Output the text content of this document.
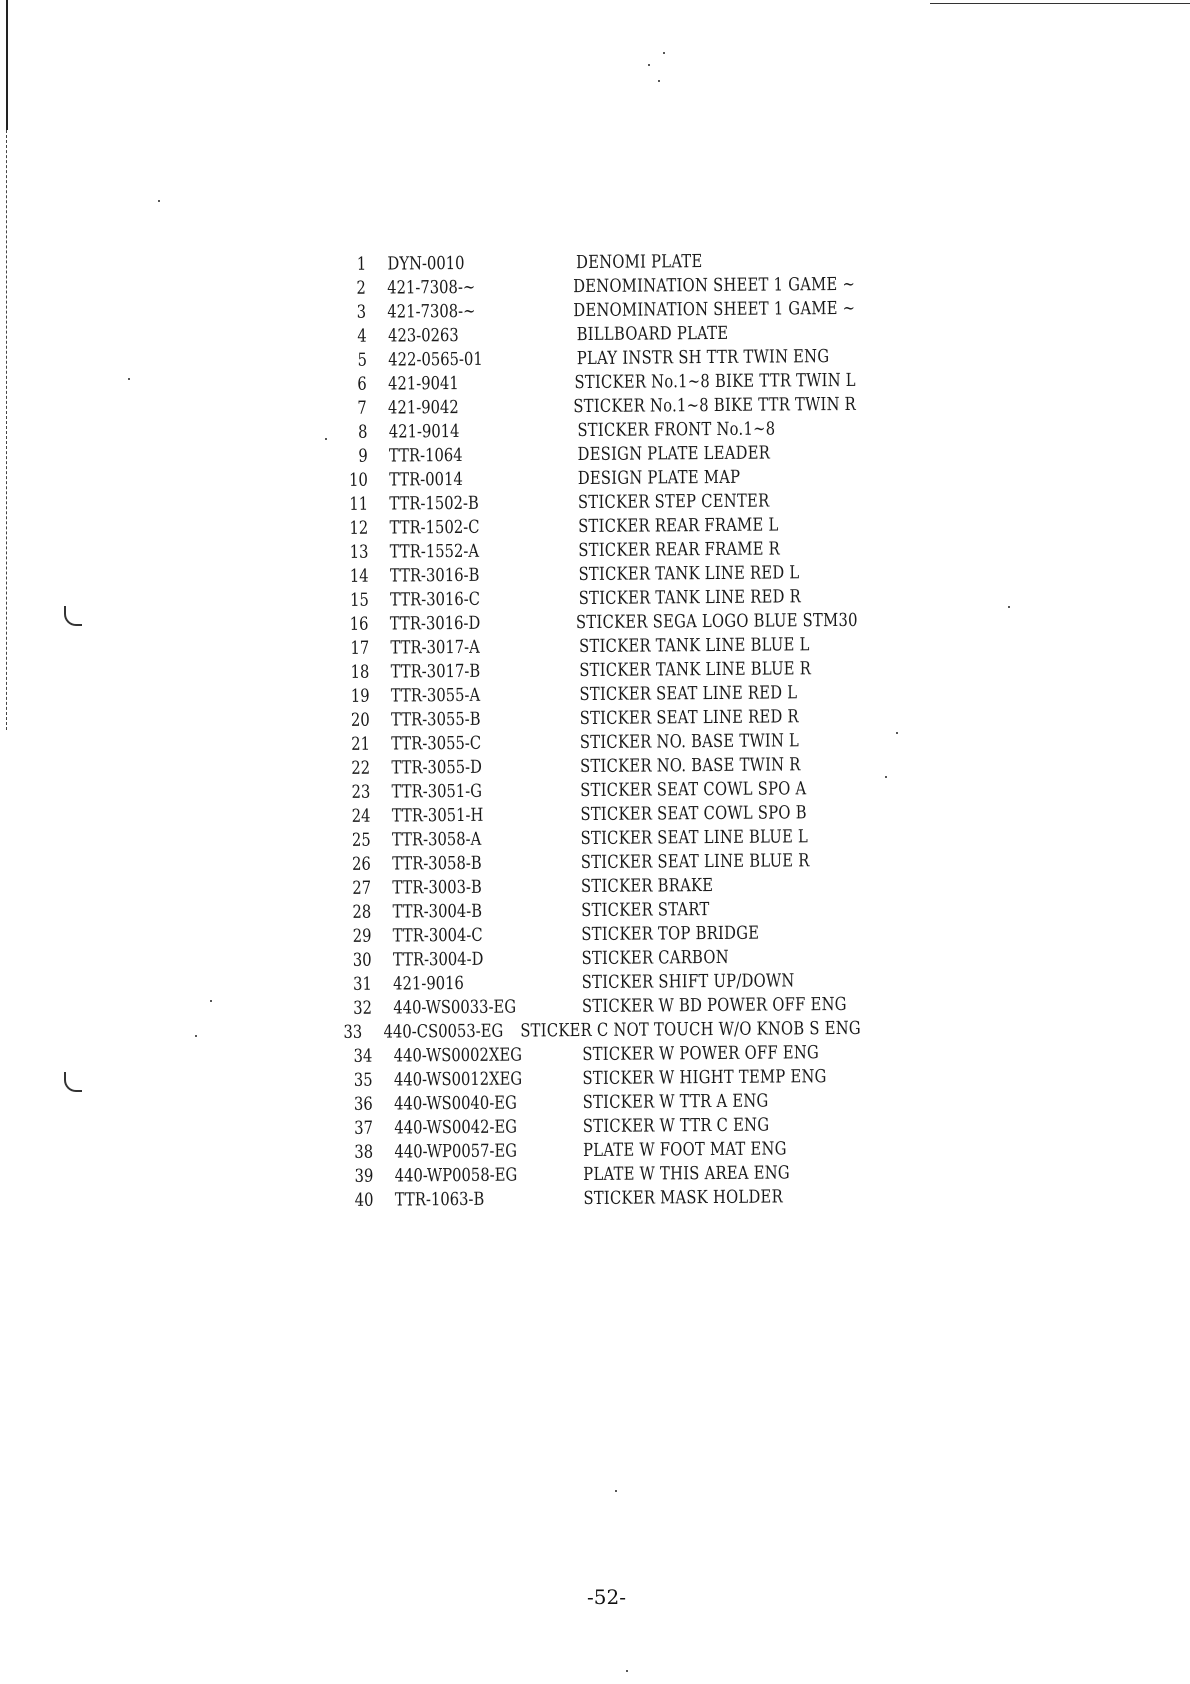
1	DYN-0010	DENOMI PLATE
2	421-7308-~	DENOMINATION SHEET 1 GAME ~
3	421-7308-~	DENOMINATION SHEET 1 GAME ~
4	423-0263	BILLBOARD PLATE
5	422-0565-01	PLAY INSTR SH TTR TWIN ENG
6	421-9041	STICKER No.1~8 BIKE TTR TWIN L
7	421-9042	STICKER No.1~8 BIKE TTR TWIN R
8	421-9014	STICKER FRONT No.1~8
9	TTR-1064	DESIGN PLATE LEADER
10	TTR-0014	DESIGN PLATE MAP
11	TTR-1502-B	STICKER STEP CENTER
12	TTR-1502-C	STICKER REAR FRAME L
13	TTR-1552-A	STICKER REAR FRAME R
14	TTR-3016-B	STICKER TANK LINE RED L
15	TTR-3016-C	STICKER TANK LINE RED R
16	TTR-3016-D	STICKER SEGA LOGO BLUE STM30
17	TTR-3017-A	STICKER TANK LINE BLUE L
18	TTR-3017-B	STICKER TANK LINE BLUE R
19	TTR-3055-A	STICKER SEAT LINE RED L
20	TTR-3055-B	STICKER SEAT LINE RED R
21	TTR-3055-C	STICKER NO. BASE TWIN L
22	TTR-3055-D	STICKER NO. BASE TWIN R
23	TTR-3051-G	STICKER SEAT COWL SPO A
24	TTR-3051-H	STICKER SEAT COWL SPO B
25	TTR-3058-A	STICKER SEAT LINE BLUE L
26	TTR-3058-B	STICKER SEAT LINE BLUE R
27	TTR-3003-B	STICKER BRAKE
28	TTR-3004-B	STICKER START
29	TTR-3004-C	STICKER TOP BRIDGE
30	TTR-3004-D	STICKER CARBON
31	421-9016	STICKER SHIFT UP/DOWN
32	440-WS0033-EG	STICKER W BD POWER OFF ENG
33	440-CS0053-EG STICKER C NOT TOUCH W/O KNOB S ENG
34	440-WS0002XEG	STICKER W POWER OFF ENG
35	440-WS0012XEG	STICKER W HIGHT TEMP ENG
36	440-WS0040-EG	STICKER W TTR A ENG
37	440-WS0042-EG	STICKER W TTR C ENG
38	440-WP0057-EG	PLATE W FOOT MAT ENG
39	440-WP0058-EG	PLATE W THIS AREA ENG
40	TTR-1063-B	STICKER MASK HOLDER
-52-
